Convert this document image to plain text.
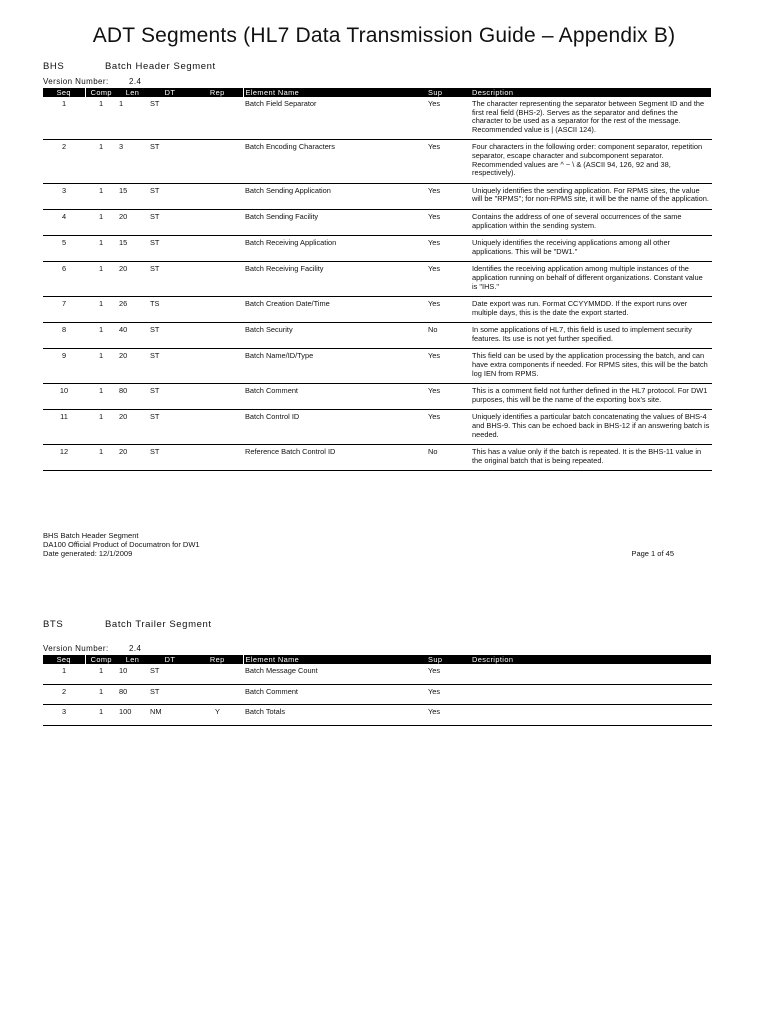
ADT Segments (HL7 Data Transmission Guide – Appendix B)
BHS	Batch Header Segment
Version Number:	2.4
Seq	Comp	Len	DT	Rep	Element Name	Sup	Description
1	1	1	ST		Batch Field Separator	Yes	The character representing the separator between Segment ID and the first real field (BHS-2). Serves as the separator and defines the character to be used as a separator for the rest of the message. Recommended value is | (ASCII 124).
2	1	3	ST		Batch Encoding Characters	Yes	Four characters in the following order: component separator, repetition separator, escape character and subcomponent separator. Recommended values are ^ ~ \ & (ASCII 94, 126, 92 and 38, respectively).
3	1	15	ST		Batch Sending Application	Yes	Uniquely identifies the sending application. For RPMS sites, the value will be "RPMS"; for non-RPMS site, it will be the name of the application.
4	1	20	ST		Batch Sending Facility	Yes	Contains the address of one of several occurrences of the same application within the sending system.
5	1	15	ST		Batch Receiving Application	Yes	Uniquely identifies the receiving applications among all other applications. This will be "DW1."
6	1	20	ST		Batch Receiving Facility	Yes	Identifies the receiving application among multiple instances of the application running on behalf of different organizations. Constant value is "IHS."
7	1	26	TS		Batch Creation Date/Time	Yes	Date export was run. Format CCYYMMDD. If the export runs over multiple days, this is the date the export started.
8	1	40	ST		Batch Security	No	In some applications of HL7, this field is used to implement security features. Its use is not yet further specified.
9	1	20	ST		Batch Name/ID/Type	Yes	This field can be used by the application processing the batch, and can have extra components if needed. For RPMS sites, this will be the batch log IEN from RPMS.
10	1	80	ST		Batch Comment	Yes	This is a comment field not further defined in the HL7 protocol. For DW1 purposes, this will be the name of the exporting box's site.
11	1	20	ST		Batch Control ID	Yes	Uniquely identifies a particular batch concatenating the values of BHS-4 and BHS-9. This can be echoed back in BHS-12 if an answering batch is needed.
12	1	20	ST		Reference Batch Control ID	No	This has a value only if the batch is repeated. It is the BHS-11 value in the original batch that is being repeated.
BHS Batch Header Segment
DA100 Official Product of Documatron for DW1
Date generated: 12/1/2009	Page 1 of 45
BTS	Batch Trailer Segment
Version Number:	2.4
Seq	Comp	Len	DT	Rep	Element Name	Sup	Description
1	1	10	ST		Batch Message Count	Yes	
2	1	80	ST		Batch Comment	Yes	
3	1	100	NM	Y	Batch Totals	Yes	
